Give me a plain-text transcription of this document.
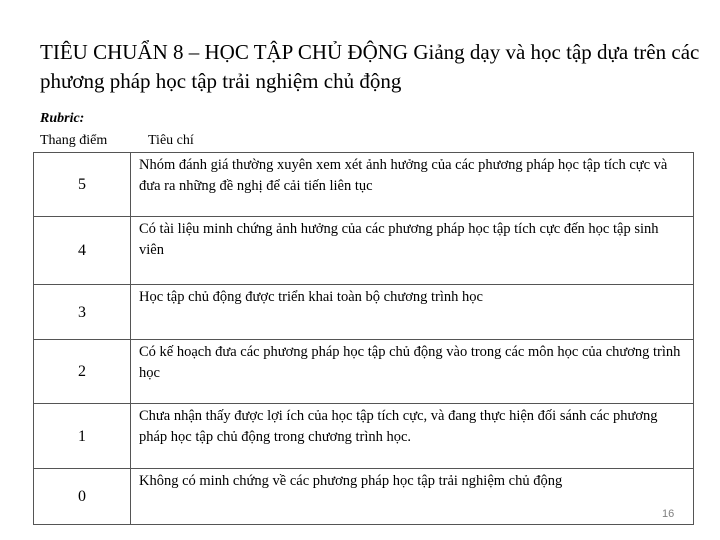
TIÊU CHUẨN 8 – HỌC TẬP CHỦ ĐỘNG Giảng dạy và học tập dựa trên các phương pháp học tập trải nghiệm chủ động
Rubric:
Thang điểm	Tiêu chí
5	Nhóm đánh giá thường xuyên xem xét ảnh hưởng của các phương pháp học tập tích cực và đưa ra những đề nghị để cải tiến liên tục
4	Có tài liệu minh chứng ảnh hưởng của các phương pháp học tập tích cực đến học tập sinh viên
3	Học tập chủ động được triển khai toàn bộ chương trình học
2	Có kế hoạch đưa các phương pháp học tập chủ động vào trong các môn học của chương trình học
1	Chưa nhận thấy được lợi ích của học tập tích cực, và đang thực hiện đối sánh các phương pháp học tập chủ động trong chương trình học.
0	Không có minh chứng về các phương pháp học tập trải nghiệm chủ động
16
